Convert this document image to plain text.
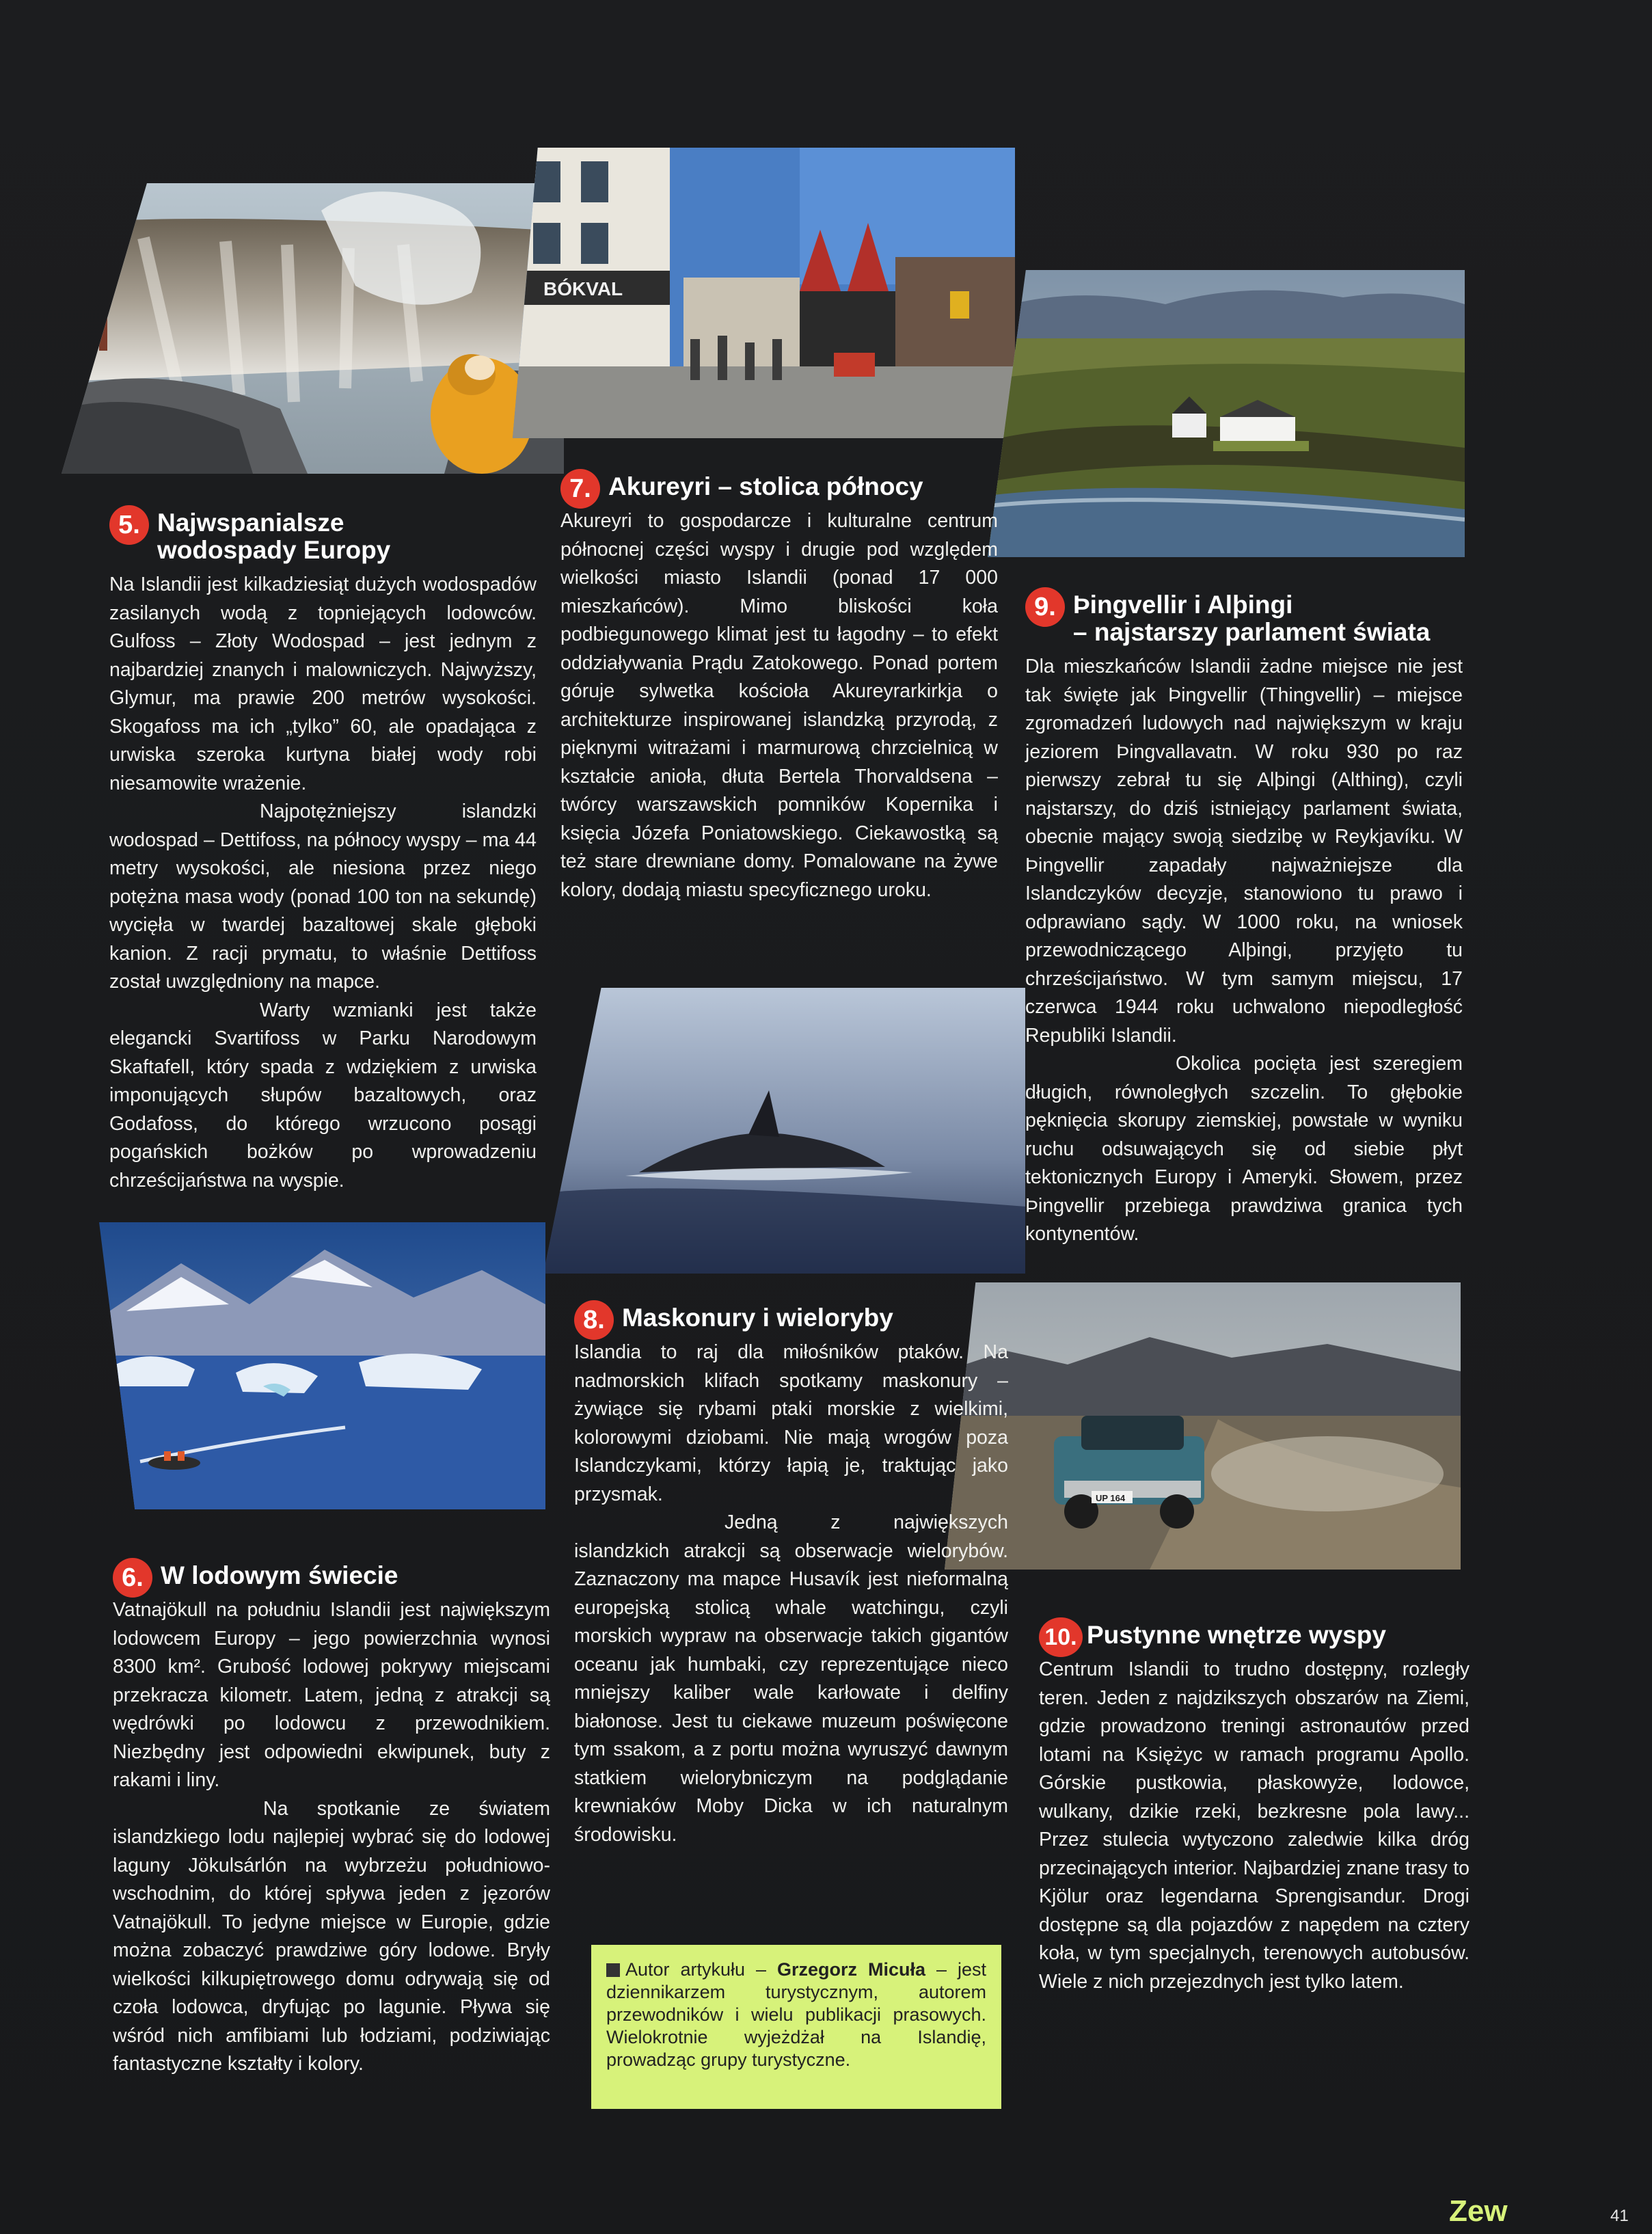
BÓKVAL
UP 164
5. Najwspanialsze
wodospady Europy

Na Islandii jest kilkadziesiąt dużych wodospadów zasilanych wodą z topniejących lodowców. Gulfoss – Złoty Wodospad – jest jednym z najbardziej znanych i malowniczych. Najwyższy, Glymur, ma prawie 200 metrów wysokości. Skogafoss ma ich „tylko” 60, ale opadająca z urwiska szeroka kurtyna białej wody robi niesamowite wrażenie.

Najpotężniejszy islandzki wodospad – Dettifoss, na północy wyspy – ma 44 metry wysokości, ale niesiona przez niego potężna masa wody (ponad 100 ton na sekundę) wycięła w twardej bazaltowej skale głęboki kanion. Z racji prymatu, to właśnie Dettifoss został uwzględniony na mapce.

Warty wzmianki jest także elegancki Svartifoss w Parku Narodowym Skaftafell, który spada z wdziękiem z urwiska imponujących słupów bazaltowych, oraz Godafoss, do którego wrzucono posągi pogańskich bożków po wprowadzeniu chrześcijaństwa na wyspie.

7. Akureyri – stolica północy

Akureyri to gospodarcze i kulturalne centrum północnej części wyspy i drugie pod względem wielkości miasto Islandii (ponad 17 000 mieszkańców). Mimo bliskości koła podbiegunowego klimat jest tu łagodny – to efekt oddziaływania Prądu Zatokowego. Ponad portem góruje sylwetka kościoła Akureyrarkirkja o architekturze inspirowanej islandzką przyrodą, z pięknymi witrażami i marmurową chrzcielnicą w kształcie anioła, dłuta Bertela Thorvaldsena – twórcy warszawskich pomników Kopernika i księcia Józefa Poniatowskiego. Ciekawostką są też stare drewniane domy. Pomalowane na żywe kolory, dodają miastu specyficznego uroku.

9. Þingvellir i Alþingi
– najstarszy parlament świata

Dla mieszkańców Islandii żadne miejsce nie jest tak święte jak Þingvellir (Thingvellir) – miejsce zgromadzeń ludowych nad największym w kraju jeziorem Þingvallavatn. W roku 930 po raz pierwszy zebrał tu się Alþingi (Althing), czyli najstarszy, do dziś istniejący parlament świata, obecnie mający swoją siedzibę w Reykjavíku. W Þingvellir zapadały najważniejsze dla Islandczyków decyzje, stanowiono tu prawo i odprawiano sądy. W 1000 roku, na wniosek przewodniczącego Alþingi, przyjęto tu chrześcijaństwo. W tym samym miejscu, 17 czerwca 1944 roku uchwalono niepodległość Republiki Islandii.

Okolica pocięta jest szeregiem długich, równoległych szczelin. To głębokie pęknięcia skorupy ziemskiej, powstałe w wyniku ruchu odsuwających się od siebie płyt tektonicznych Europy i Ameryki. Słowem, przez Þingvellir przebiega prawdziwa granica tych kontynentów.

8. Maskonury i wieloryby

Islandia to raj dla miłośników ptaków. Na nadmorskich klifach spotkamy maskonury –żywiące się rybami ptaki morskie z wielkimi, kolorowymi dziobami. Nie mają wrogów poza Islandczykami, którzy łapią je, traktując jako przysmak.

Jedną z największych islandzkich atrakcji są obserwacje wielorybów. Zaznaczony ma mapce Husavík jest nieformalną europejską stolicą whale watchingu, czyli morskich wypraw na obserwacje takich gigantów oceanu jak humbaki, czy reprezentujące nieco mniejszy kaliber wale karłowate i delfiny białonose. Jest tu ciekawe muzeum poświęcone tym ssakom, a z portu można wyruszyć dawnym statkiem wielorybniczym na podglądanie krewniaków Moby Dicka w ich naturalnym środowisku.

6. W lodowym świecie

Vatnajökull na południu Islandii jest największym lodowcem Europy – jego powierzchnia wynosi 8300 km². Grubość lodowej pokrywy miejscami przekracza kilometr. Latem, jedną z atrakcji są wędrówki po lodowcu z przewodnikiem. Niezbędny jest odpowiedni ekwipunek, buty z rakami i liny.

Na spotkanie ze światem islandzkiego lodu najlepiej wybrać się do lodowej laguny Jökulsárlón na wybrzeżu południowo-wschodnim, do której spływa jeden z jęzorów Vatnajökull. To jedyne miejsce w Europie, gdzie można zobaczyć prawdziwe góry lodowe. Bryły wielkości kilkupiętrowego domu odrywają się od czoła lodowca, dryfując po lagunie. Pływa się wśród nich amfibiami lub łodziami, podziwiając fantastyczne kształty i kolory.

10. Pustynne wnętrze wyspy

Centrum Islandii to trudno dostępny, rozległy teren. Jeden z najdzikszych obszarów na Ziemi, gdzie prowadzono treningi astronautów przed lotami na Księżyc w ramach programu Apollo. Górskie pustkowia, płaskowyże, lodowce, wulkany, dzikie rzeki, bezkresne pola lawy... Przez stulecia wytyczono zaledwie kilka dróg przecinających interior. Najbardziej znane trasy to Kjölur oraz legendarna Sprengisandur. Drogi dostępne są dla pojazdów z napędem na cztery koła, w tym specjalnych, terenowych autobusów. Wiele z nich przejezdnych jest tylko latem.

Autor artykułu – Grzegorz Micuła – jest dziennikarzem turystycznym, autorem przewodników i wielu publikacji prasowych. Wielokrotnie wyjeżdżał na Islandię, prowadząc grupy turystyczne.
Zew	41
